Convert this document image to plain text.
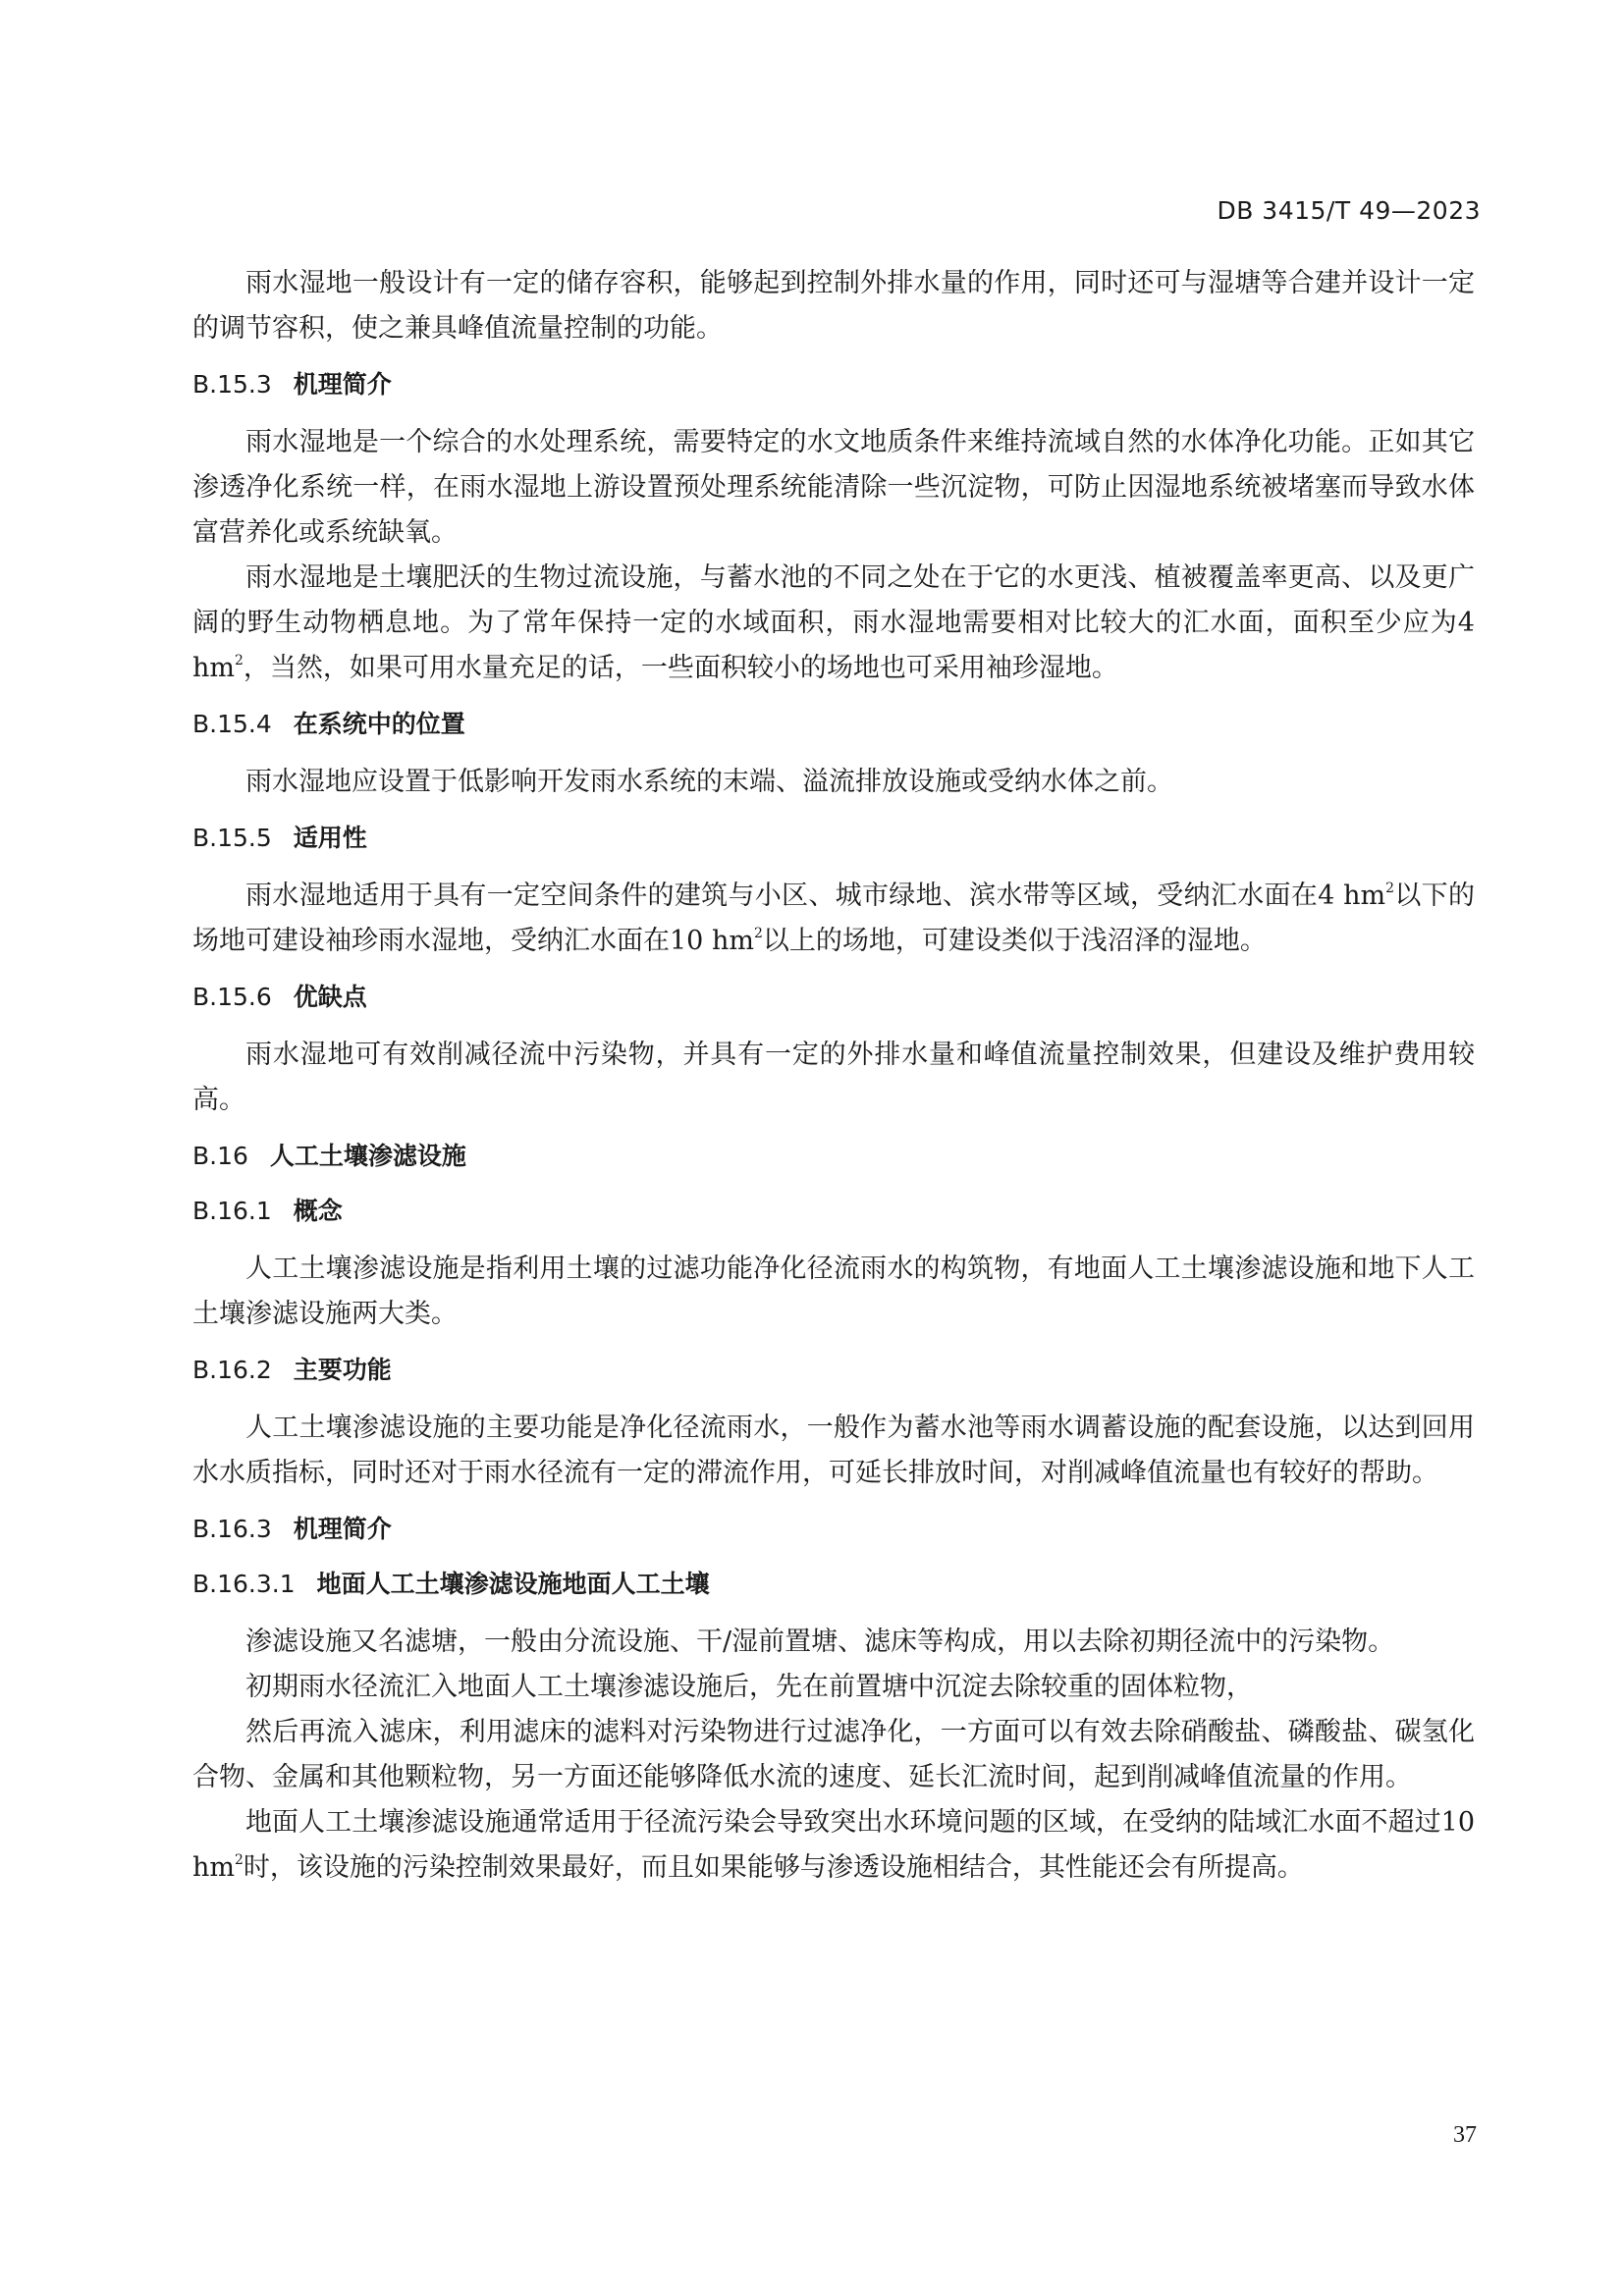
DB 3415/T 49—2023

雨水湿地一般设计有一定的储存容积，能够起到控制外排水量的作用，同时还可与湿塘等合建并设计一定的调节容积，使之兼具峰值流量控制的功能。

B.15.3 机理简介

雨水湿地是一个综合的水处理系统，需要特定的水文地质条件来维持流域自然的水体净化功能。正如其它渗透净化系统一样，在雨水湿地上游设置预处理系统能清除一些沉淀物，可防止因湿地系统被堵塞而导致水体富营养化或系统缺氧。

雨水湿地是土壤肥沃的生物过流设施，与蓄水池的不同之处在于它的水更浅、植被覆盖率更高、以及更广阔的野生动物栖息地。为了常年保持一定的水域面积，雨水湿地需要相对比较大的汇水面，面积至少应为4 $hm^2$，当然，如果可用水量充足的话，一些面积较小的场地也可采用袖珍湿地。

B.15.4 在系统中的位置

雨水湿地应设置于低影响开发雨水系统的末端、溢流排放设施或受纳水体之前。

B.15.5 适用性

雨水湿地适用于具有一定空间条件的建筑与小区、城市绿地、滨水带等区域，受纳汇水面在4 $hm^2$以下的场地可建设袖珍雨水湿地，受纳汇水面在10 $hm^2$以上的场地，可建设类似于浅沼泽的湿地。

B.15.6 优缺点

雨水湿地可有效削减径流中污染物，并具有一定的外排水量和峰值流量控制效果，但建设及维护费用较高。

B.16 人工土壤渗滤设施
B.16.1 概念

人工土壤渗滤设施是指利用土壤的过滤功能净化径流雨水的构筑物，有地面人工土壤渗滤设施和地下人工土壤渗滤设施两大类。

B.16.2 主要功能

人工土壤渗滤设施的主要功能是净化径流雨水，一般作为蓄水池等雨水调蓄设施的配套设施，以达到回用水水质指标，同时还对于雨水径流有一定的滞流作用，可延长排放时间，对削减峰值流量也有较好的帮助。

B.16.3 机理简介
B.16.3.1 地面人工土壤渗滤设施地面人工土壤

渗滤设施又名滤塘，一般由分流设施、干/湿前置塘、滤床等构成，用以去除初期径流中的污染物。

初期雨水径流汇入地面人工土壤渗滤设施后，先在前置塘中沉淀去除较重的固体粒物，

然后再流入滤床，利用滤床的滤料对污染物进行过滤净化，一方面可以有效去除硝酸盐、磷酸盐、碳氢化合物、金属和其他颗粒物，另一方面还能够降低水流的速度、延长汇流时间，起到削减峰值流量的作用。

地面人工土壤渗滤设施通常适用于径流污染会导致突出水环境问题的区域，在受纳的陆域汇水面不超过10 $hm^2$时，该设施的污染控制效果最好，而且如果能够与渗透设施相结合，其性能还会有所提高。

37
